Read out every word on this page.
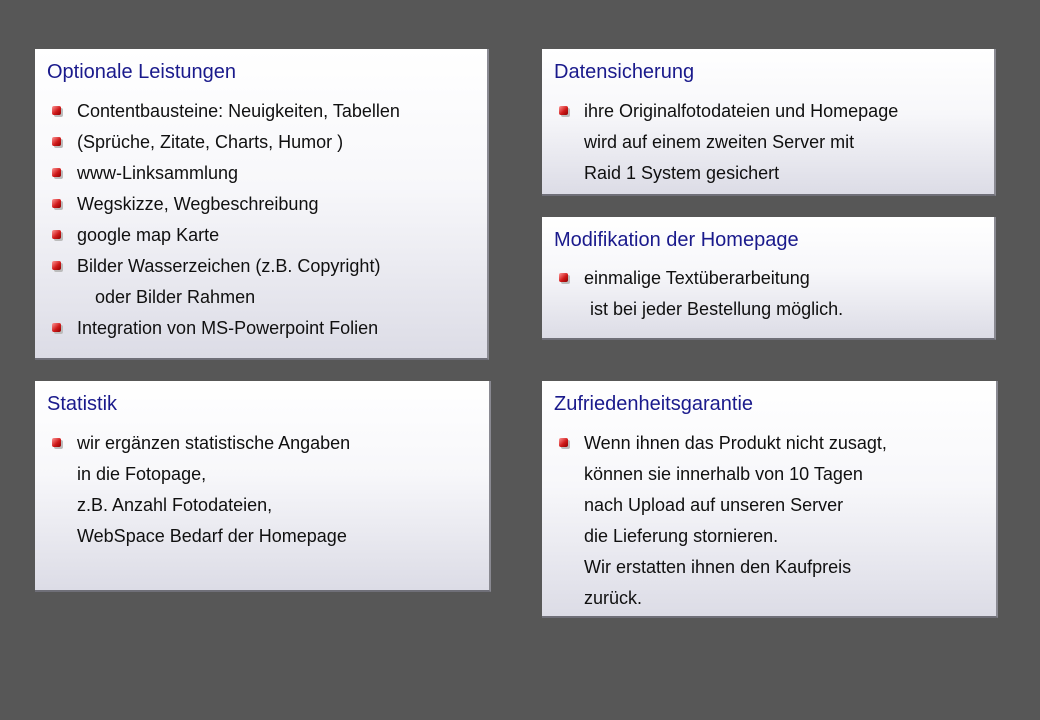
Optionale Leistungen
Contentbausteine: Neuigkeiten, Tabellen
(Sprüche, Zitate, Charts, Humor )
www-Linksammlung
Wegskizze, Wegbeschreibung
google map Karte
Bilder Wasserzeichen (z.B. Copyright)
oder Bilder Rahmen
Integration von MS-Powerpoint Folien
Datensicherung
ihre Originalfotodateien und Homepage
wird auf einem zweiten Server mit
Raid 1 System gesichert
Modifikation der Homepage
einmalige Textüberarbeitung
ist bei jeder Bestellung möglich.
Statistik
wir ergänzen statistische Angaben
in die Fotopage,
z.B. Anzahl Fotodateien,
WebSpace Bedarf der Homepage
Zufriedenheitsgarantie
Wenn ihnen das Produkt nicht zusagt,
können sie innerhalb von 10 Tagen
nach Upload auf unseren Server
die Lieferung stornieren.
Wir erstatten ihnen den Kaufpreis
zurück.
